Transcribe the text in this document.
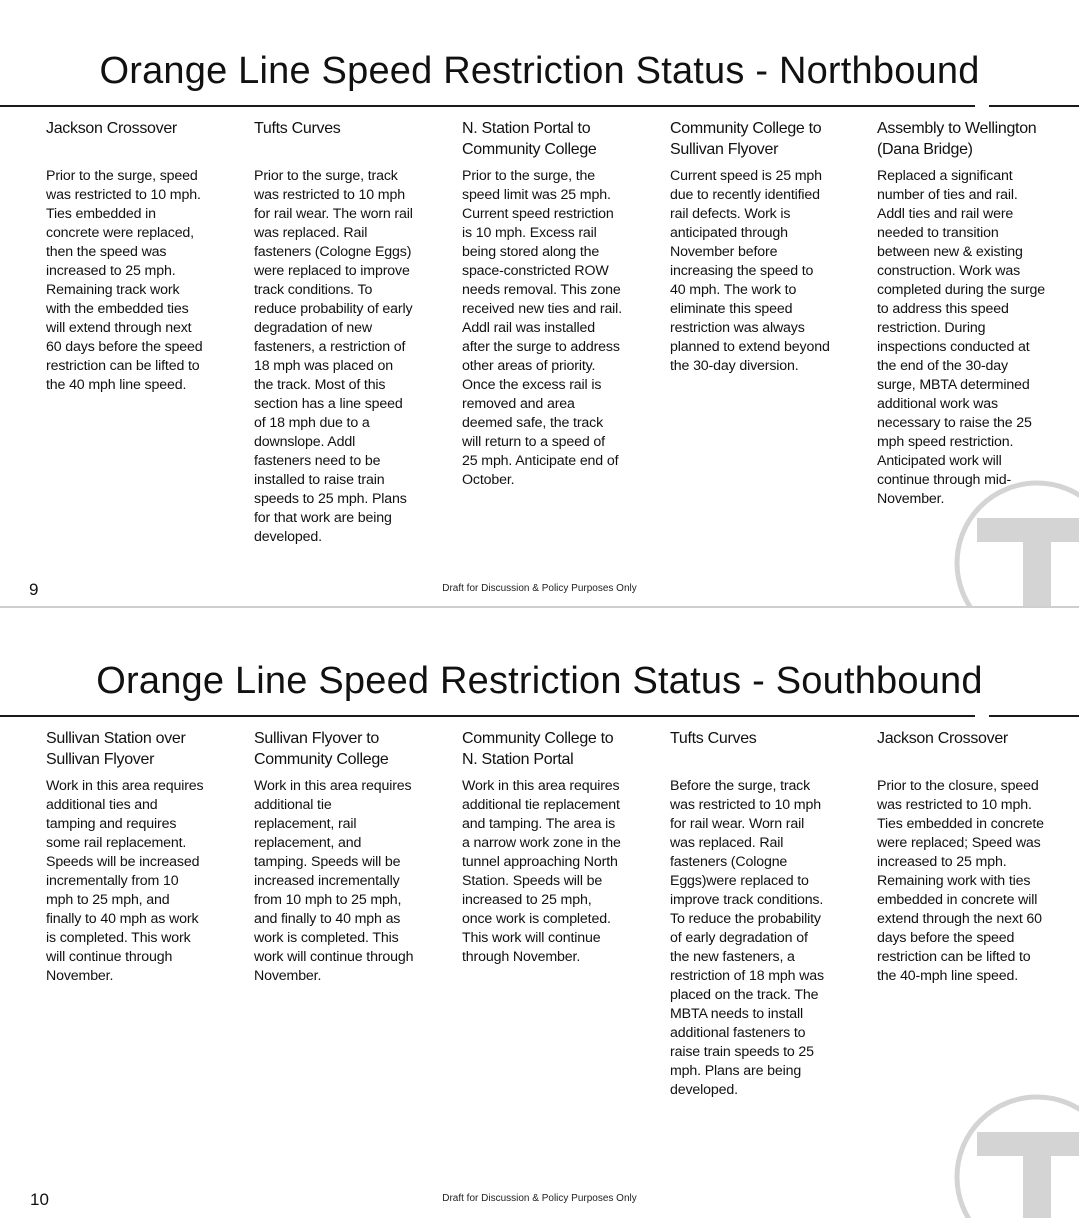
Orange Line Speed Restriction Status - Northbound
Jackson Crossover

Prior to the surge, speed was restricted to 10 mph. Ties embedded in concrete were replaced, then the speed was increased to 25 mph. Remaining track work with the embedded ties will extend through next 60 days before the speed restriction can be lifted to the 40 mph line speed.

Tufts Curves

Prior to the surge, track was restricted to 10 mph for rail wear. The worn rail was replaced. Rail fasteners (Cologne Eggs) were replaced to improve track conditions. To reduce probability of early degradation of new fasteners, a restriction of 18 mph was placed on the track. Most of this section has a line speed of 18 mph due to a downslope. Addl fasteners need to be installed to raise train speeds to 25 mph. Plans for that work are being developed.

N. Station Portal to Community College

Prior to the surge, the speed limit was 25 mph. Current speed restriction is 10 mph. Excess rail being stored along the space-constricted ROW needs removal. This zone received new ties and rail. Addl rail was installed after the surge to address other areas of priority. Once the excess rail is removed and area deemed safe, the track will return to a speed of 25 mph. Anticipate end of October.

Community College to Sullivan Flyover

Current speed is 25 mph due to recently identified rail defects. Work is anticipated through November before increasing the speed to 40 mph. The work to eliminate this speed restriction was always planned to extend beyond the 30-day diversion.

Assembly to Wellington (Dana Bridge)

Replaced a significant number of ties and rail. Addl ties and rail were needed to transition between new & existing construction. Work was completed during the surge to address this speed restriction. During inspections conducted at the end of the 30-day surge, MBTA determined additional work was necessary to raise the 25 mph speed restriction. Anticipated work will continue through mid-November.

9	Draft for Discussion & Policy Purposes Only
Orange Line Speed Restriction Status - Southbound
Sullivan Station over Sullivan Flyover

Work in this area requires additional ties and tamping and requires some rail replacement. Speeds will be increased incrementally from 10 mph to 25 mph, and finally to 40 mph as work is completed. This work will continue through November.

Sullivan Flyover to Community College

Work in this area requires additional tie replacement, rail replacement, and tamping. Speeds will be increased incrementally from 10 mph to 25 mph, and finally to 40 mph as work is completed. This work will continue through November.

Community College to N. Station Portal

Work in this area requires additional tie replacement and tamping. The area is a narrow work zone in the tunnel approaching North Station. Speeds will be increased to 25 mph, once work is completed. This work will continue through November.

Tufts Curves

Before the surge, track was restricted to 10 mph for rail wear. Worn rail was replaced. Rail fasteners (Cologne Eggs)were replaced to improve track conditions. To reduce the probability of early degradation of the new fasteners, a restriction of 18 mph was placed on the track. The MBTA needs to install additional fasteners to raise train speeds to 25 mph. Plans are being developed.

Jackson Crossover

Prior to the closure, speed was restricted to 10 mph. Ties embedded in concrete were replaced; Speed was increased to 25 mph. Remaining work with ties embedded in concrete will extend through the next 60 days before the speed restriction can be lifted to the 40-mph line speed.

10	Draft for Discussion & Policy Purposes Only
